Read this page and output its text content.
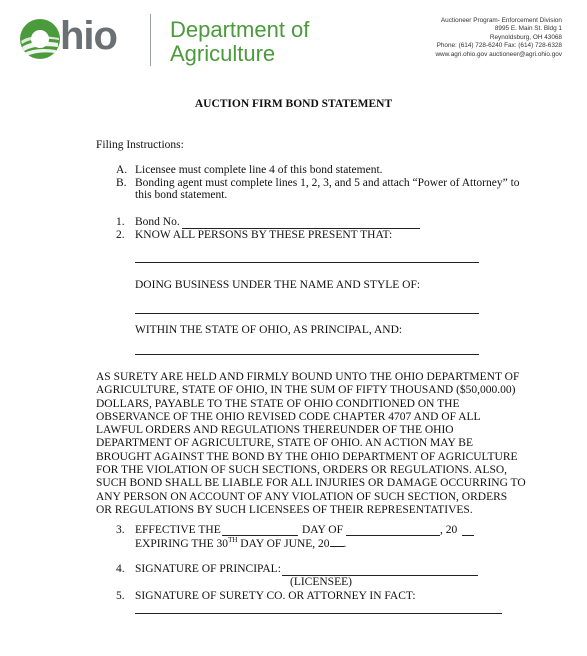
hio Department of
Agriculture
Auctioneer Program- Enforcement Division
8995 E. Main St. Bldg 1
Reynoldsburg, OH 43068
Phone: (614) 728-6240 Fax: (614) 728-6328
www.agri.ohio.gov auctioneer@agri.ohio.gov
AUCTION FIRM BOND STATEMENT
Filing Instructions:
A. Licensee must complete line 4 of this bond statement.
B. Bonding agent must complete lines 1, 2, 3, and 5 and attach “Power of Attorney” to
this bond statement.
1. Bond No.
2. KNOW ALL PERSONS BY THESE PRESENT THAT:
DOING BUSINESS UNDER THE NAME AND STYLE OF:
WITHIN THE STATE OF OHIO, AS PRINCIPAL, AND:
AS SURETY ARE HELD AND FIRMLY BOUND UNTO THE OHIO DEPARTMENT OF
AGRICULTURE, STATE OF OHIO, IN THE SUM OF FIFTY THOUSAND ($50,000.00)
DOLLARS, PAYABLE TO THE STATE OF OHIO CONDITIONED ON THE
OBSERVANCE OF THE OHIO REVISED CODE CHAPTER 4707 AND OF ALL
LAWFUL ORDERS AND REGULATIONS THEREUNDER OF THE OHIO
DEPARTMENT OF AGRICULTURE, STATE OF OHIO. AN ACTION MAY BE
BROUGHT AGAINST THE BOND BY THE OHIO DEPARTMENT OF AGRICULTURE
FOR THE VIOLATION OF SUCH SECTIONS, ORDERS OR REGULATIONS. ALSO,
SUCH BOND SHALL BE LIABLE FOR ALL INJURIES OR DAMAGE OCCURRING TO
ANY PERSON ON ACCOUNT OF ANY VIOLATION OF SUCH SECTION, ORDERS
OR REGULATIONS BY SUCH LICENSEES OF THEIR REPRESENTATIVES.
3. EFFECTIVE THE	DAY OF	, 20
EXPIRING THE 30TH DAY OF JUNE, 20 .
4. SIGNATURE OF PRINCIPAL:
(LICENSEE)
5. SIGNATURE OF SURETY CO. OR ATTORNEY IN FACT:
